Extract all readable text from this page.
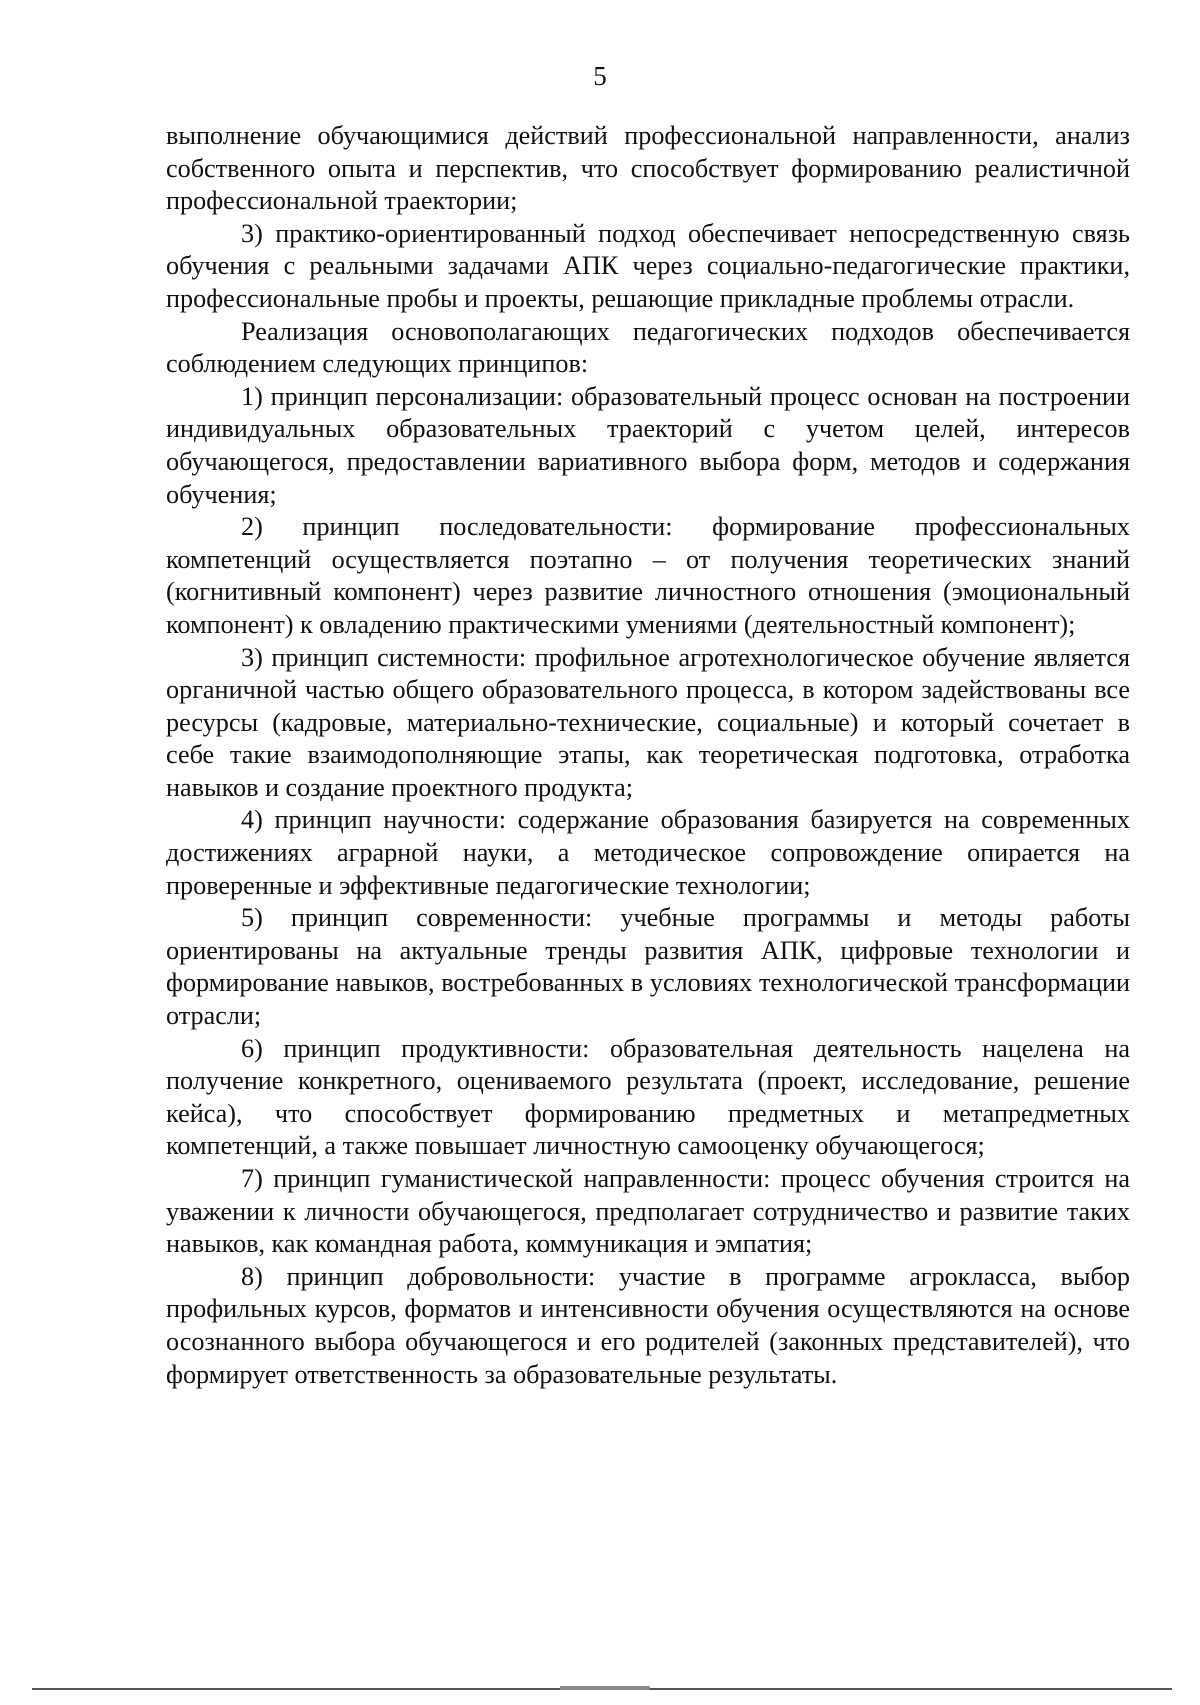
5

выполнение обучающимися действий профессиональной направленности, анализ собственного опыта и перспектив, что способствует формированию реалистичной профессиональной траектории;

3) практико-ориентированный подход обеспечивает непосредственную связь обучения с реальными задачами АПК через социально-педагогические практики, профессиональные пробы и проекты, решающие прикладные проблемы отрасли.

Реализация основополагающих педагогических подходов обеспечивается соблюдением следующих принципов:

1) принцип персонализации: образовательный процесс основан на построении индивидуальных образовательных траекторий с учетом целей, интересов обучающегося, предоставлении вариативного выбора форм, методов и содержания обучения;

2) принцип последовательности: формирование профессиональных компетенций осуществляется поэтапно – от получения теоретических знаний (когнитивный компонент) через развитие личностного отношения (эмоциональный компонент) к овладению практическими умениями (деятельностный компонент);

3) принцип системности: профильное агротехнологическое обучение является органичной частью общего образовательного процесса, в котором задействованы все ресурсы (кадровые, материально-технические, социальные) и который сочетает в себе такие взаимодополняющие этапы, как теоретическая подготовка, отработка навыков и создание проектного продукта;

4) принцип научности: содержание образования базируется на современных достижениях аграрной науки, а методическое сопровождение опирается на проверенные и эффективные педагогические технологии;

5) принцип современности: учебные программы и методы работы ориентированы на актуальные тренды развития АПК, цифровые технологии и формирование навыков, востребованных в условиях технологической трансформации отрасли;

6) принцип продуктивности: образовательная деятельность нацелена на получение конкретного, оцениваемого результата (проект, исследование, решение кейса), что способствует формированию предметных и метапредметных компетенций, а также повышает личностную самооценку обучающегося;

7) принцип гуманистической направленности: процесс обучения строится на уважении к личности обучающегося, предполагает сотрудничество и развитие таких навыков, как командная работа, коммуникация и эмпатия;

8) принцип добровольности: участие в программе агрокласса, выбор профильных курсов, форматов и интенсивности обучения осуществляются на основе осознанного выбора обучающегося и его родителей (законных представителей), что формирует ответственность за образовательные результаты.
